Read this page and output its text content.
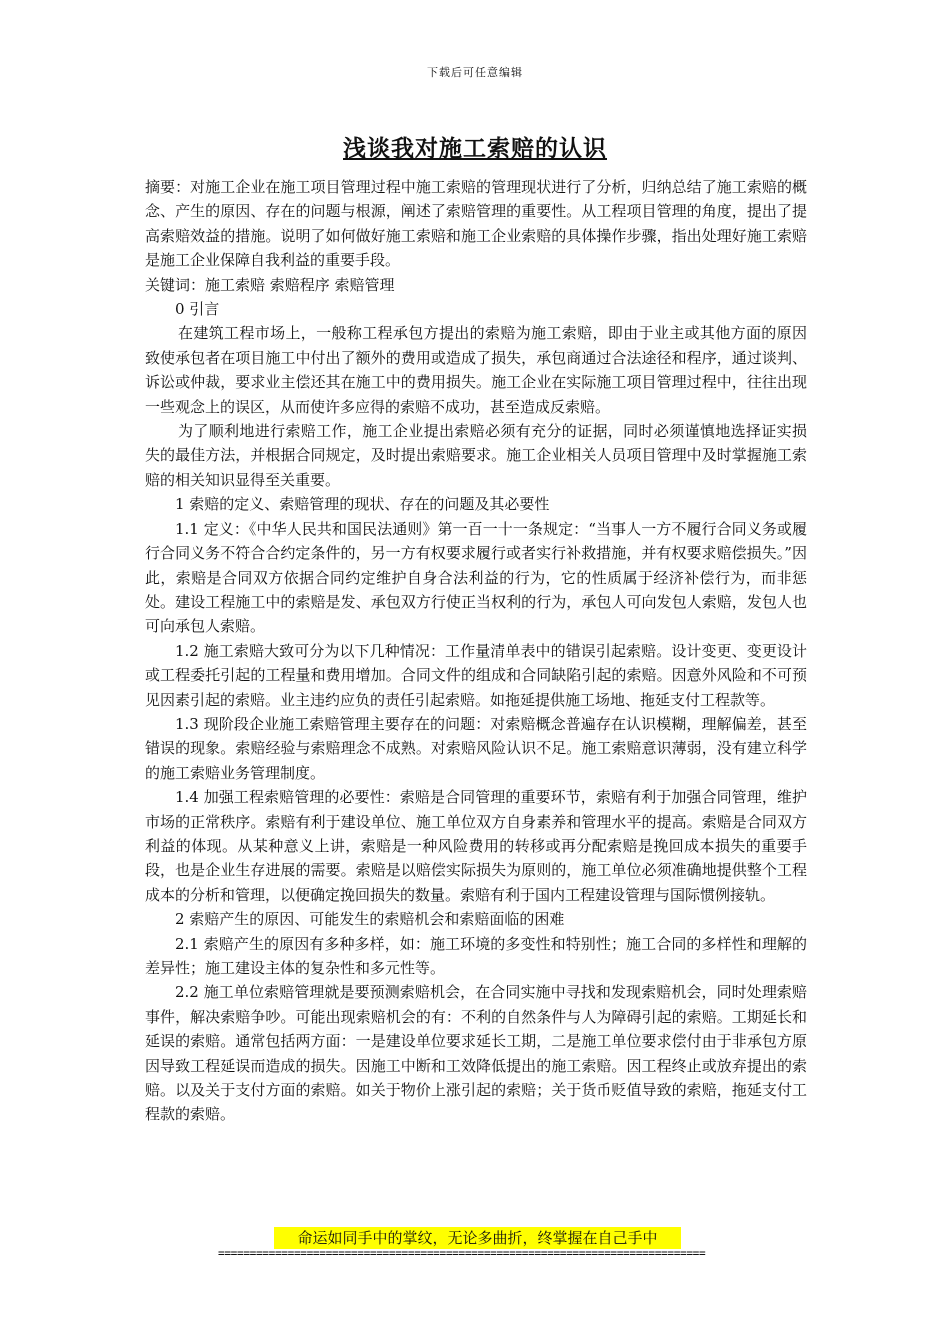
下载后可任意编辑
浅谈我对施工索赔的认识

摘要：对施工企业在施工项目管理过程中施工索赔的管理现状进行了分析，归纳总结了施工索赔的概念、产生的原因、存在的问题与根源，阐述了索赔管理的重要性。从工程项目管理的角度，提出了提高索赔效益的措施。说明了如何做好施工索赔和施工企业索赔的具体操作步骤，指出处理好施工索赔是施工企业保障自我利益的重要手段。

关键词：施工索赔 索赔程序 索赔管理

0 引言

在建筑工程市场上，一般称工程承包方提出的索赔为施工索赔，即由于业主或其他方面的原因致使承包者在项目施工中付出了额外的费用或造成了损失，承包商通过合法途径和程序，通过谈判、诉讼或仲裁，要求业主偿还其在施工中的费用损失。施工企业在实际施工项目管理过程中，往往出现一些观念上的误区，从而使许多应得的索赔不成功，甚至造成反索赔。

为了顺利地进行索赔工作，施工企业提出索赔必须有充分的证据，同时必须谨慎地选择证实损失的最佳方法，并根据合同规定，及时提出索赔要求。施工企业相关人员项目管理中及时掌握施工索赔的相关知识显得至关重要。

1 索赔的定义、索赔管理的现状、存在的问题及其必要性

1.1 定义：《中华人民共和国民法通则》第一百一十一条规定：“当事人一方不履行合同义务或履行合同义务不符合合约定条件的，另一方有权要求履行或者实行补救措施，并有权要求赔偿损失。”因此，索赔是合同双方依据合同约定维护自身合法利益的行为，它的性质属于经济补偿行为，而非惩处。建设工程施工中的索赔是发、承包双方行使正当权利的行为，承包人可向发包人索赔，发包人也可向承包人索赔。

1.2 施工索赔大致可分为以下几种情况：工作量清单表中的错误引起索赔。设计变更、变更设计或工程委托引起的工程量和费用增加。合同文件的组成和合同缺陷引起的索赔。因意外风险和不可预见因素引起的索赔。业主违约应负的责任引起索赔。如拖延提供施工场地、拖延支付工程款等。

1.3 现阶段企业施工索赔管理主要存在的问题：对索赔概念普遍存在认识模糊，理解偏差，甚至错误的现象。索赔经验与索赔理念不成熟。对索赔风险认识不足。施工索赔意识薄弱，没有建立科学的施工索赔业务管理制度。

1.4 加强工程索赔管理的必要性：索赔是合同管理的重要环节，索赔有利于加强合同管理，维护市场的正常秩序。索赔有利于建设单位、施工单位双方自身素养和管理水平的提高。索赔是合同双方利益的体现。从某种意义上讲，索赔是一种风险费用的转移或再分配索赔是挽回成本损失的重要手段，也是企业生存进展的需要。索赔是以赔偿实际损失为原则的，施工单位必须准确地提供整个工程成本的分析和管理，以便确定挽回损失的数量。索赔有利于国内工程建设管理与国际惯例接轨。

2 索赔产生的原因、可能发生的索赔机会和索赔面临的困难

2.1 索赔产生的原因有多种多样，如：施工环境的多变性和特别性；施工合同的多样性和理解的差异性；施工建设主体的复杂性和多元性等。

2.2 施工单位索赔管理就是要预测索赔机会，在合同实施中寻找和发现索赔机会，同时处理索赔事件，解决索赔争吵。可能出现索赔机会的有：不利的自然条件与人为障碍引起的索赔。工期延长和延误的索赔。通常包括两方面：一是建设单位要求延长工期，二是施工单位要求偿付由于非承包方原因导致工程延误而造成的损失。因施工中断和工效降低提出的施工索赔。因工程终止或放弃提出的索赔。以及关于支付方面的索赔。如关于物价上涨引起的索赔；关于货币贬值导致的索赔，拖延支付工程款的索赔。

命运如同手中的掌纹，无论多曲折，终掌握在自己手中
=============================================================================
